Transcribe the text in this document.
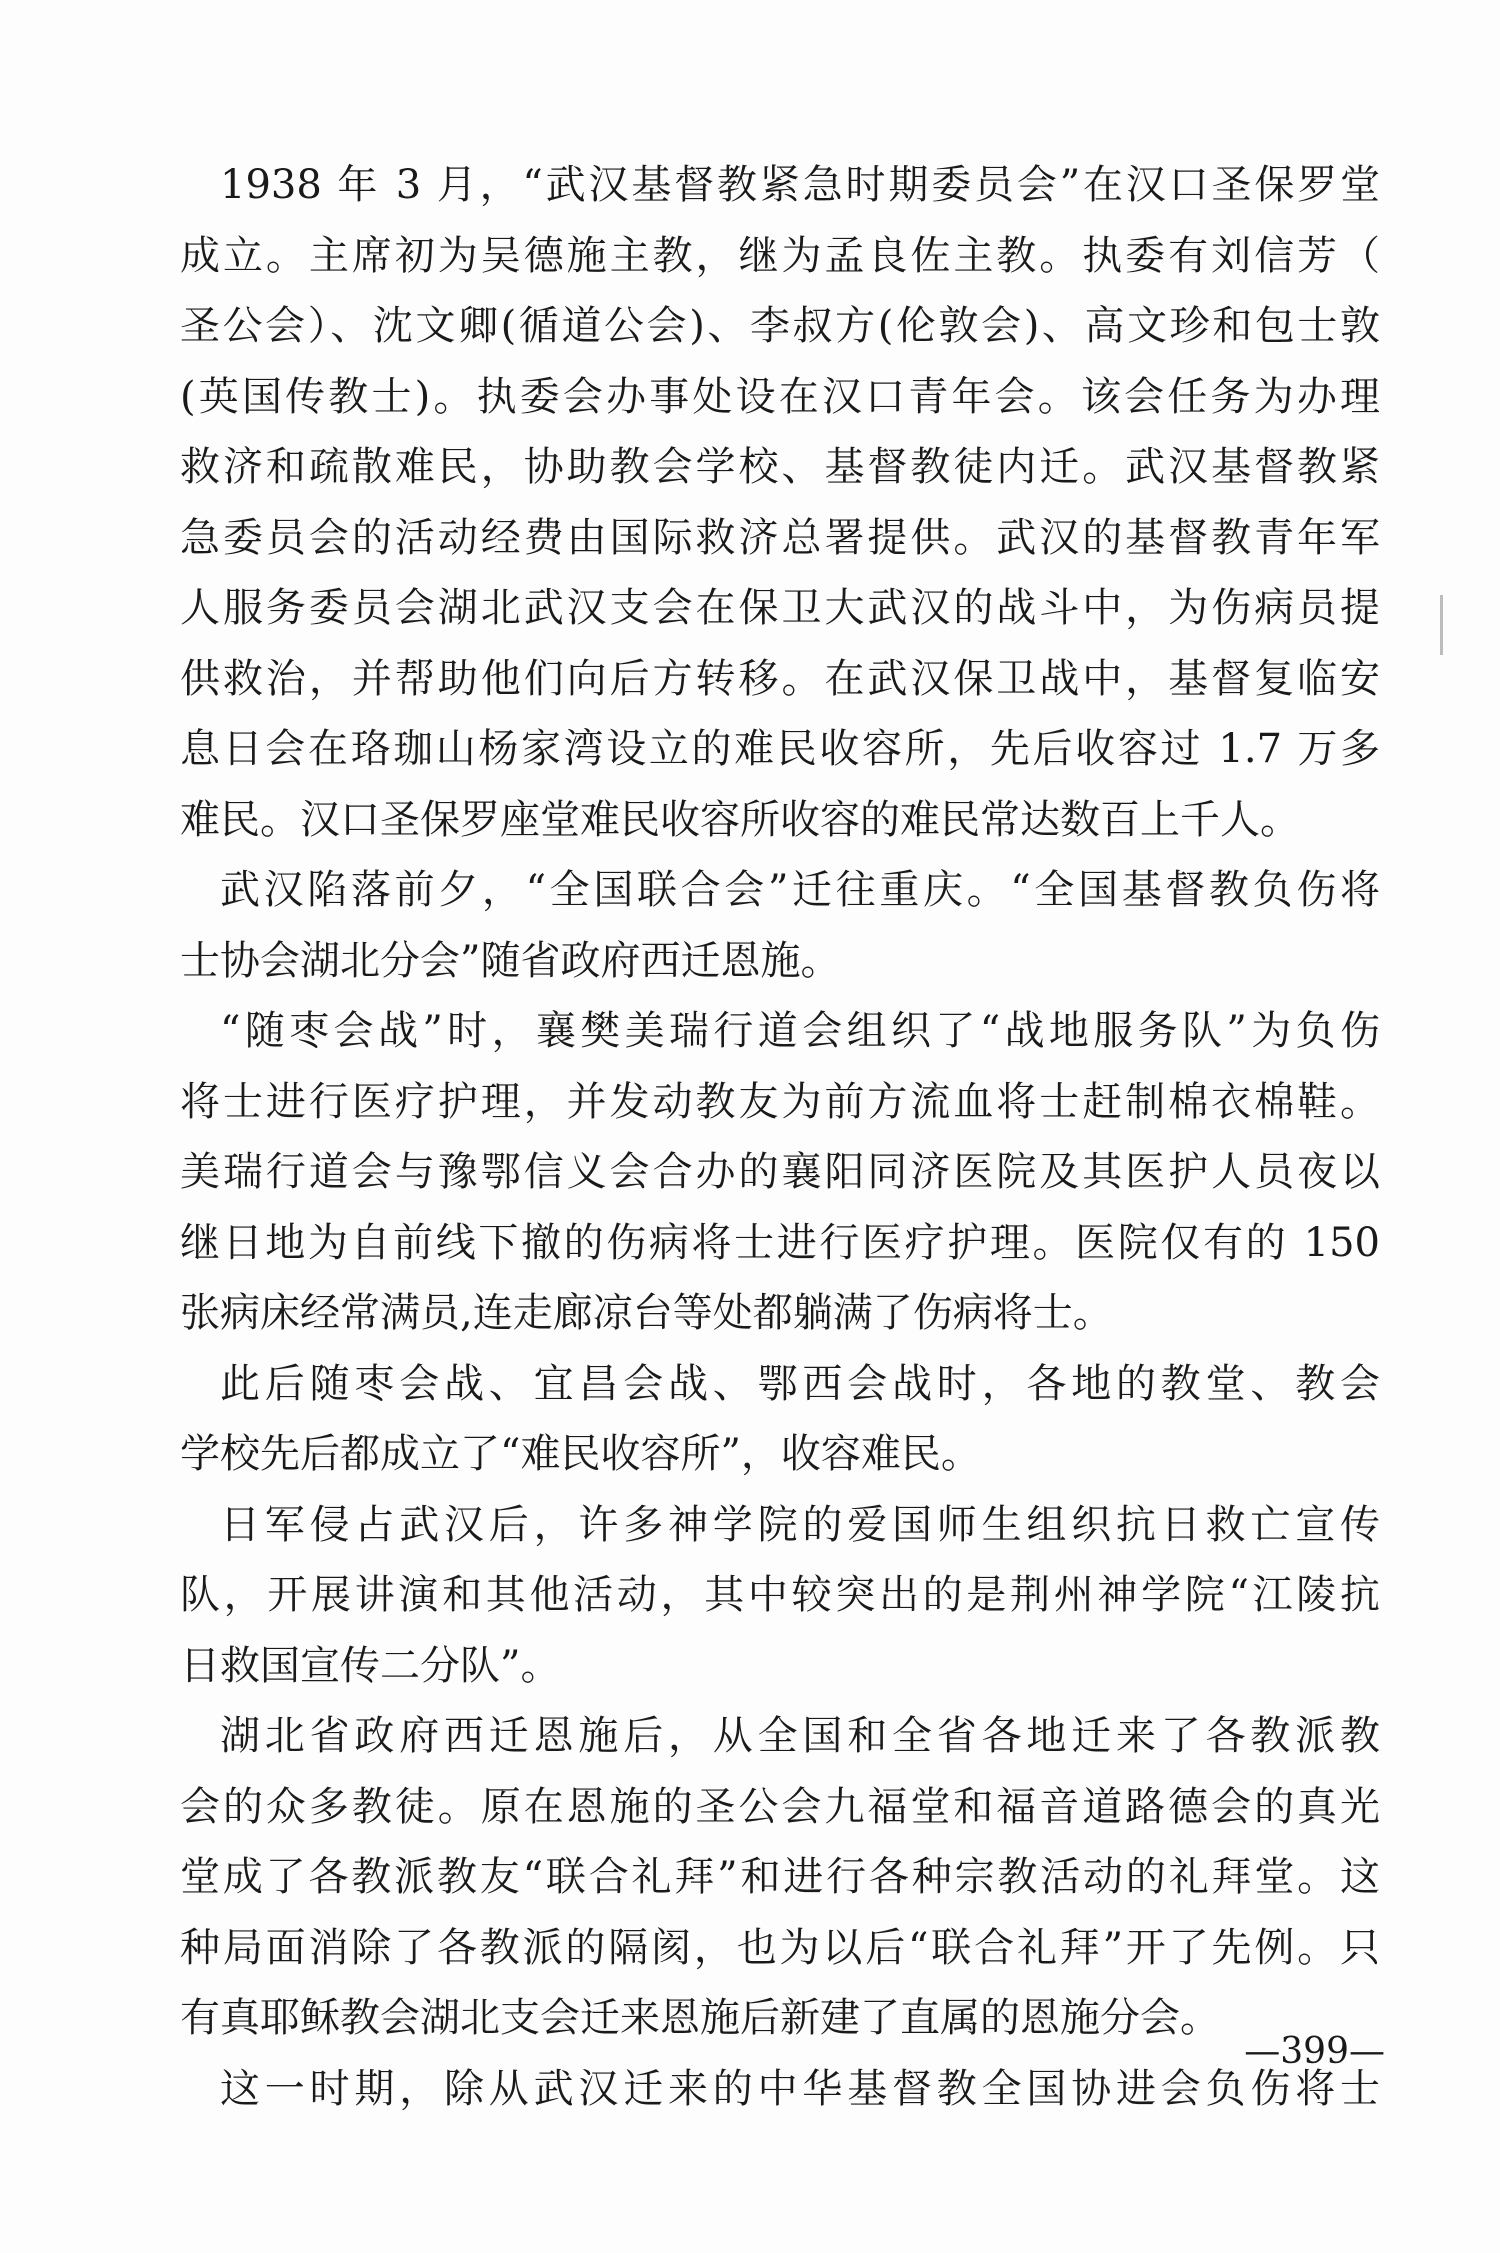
1938 年 3 月，“武汉基督教紧急时期委员会”在汉口圣保罗堂
成立。主席初为吴德施主教，继为孟良佐主教。执委有刘信芳（
圣公会）、沈文卿(循道公会)、李叔方(伦敦会)、高文珍和包士敦
(英国传教士)。执委会办事处设在汉口青年会。该会任务为办理
救济和疏散难民，协助教会学校、基督教徒内迁。武汉基督教紧
急委员会的活动经费由国际救济总署提供。武汉的基督教青年军
人服务委员会湖北武汉支会在保卫大武汉的战斗中，为伤病员提
供救治，并帮助他们向后方转移。在武汉保卫战中，基督复临安
息日会在珞珈山杨家湾设立的难民收容所，先后收容过 1.7 万多
难民。汉口圣保罗座堂难民收容所收容的难民常达数百上千人。
武汉陷落前夕，“全国联合会”迁往重庆。“全国基督教负伤将
士协会湖北分会”随省政府西迁恩施。
“随枣会战”时，襄樊美瑞行道会组织了“战地服务队”为负伤
将士进行医疗护理，并发动教友为前方流血将士赶制棉衣棉鞋。
美瑞行道会与豫鄂信义会合办的襄阳同济医院及其医护人员夜以
继日地为自前线下撤的伤病将士进行医疗护理。医院仅有的 150
张病床经常满员,连走廊凉台等处都躺满了伤病将士。
此后随枣会战、宜昌会战、鄂西会战时，各地的教堂、教会
学校先后都成立了“难民收容所”，收容难民。
日军侵占武汉后，许多神学院的爱国师生组织抗日救亡宣传
队，开展讲演和其他活动，其中较突出的是荆州神学院“江陵抗
日救国宣传二分队”。
湖北省政府西迁恩施后，从全国和全省各地迁来了各教派教
会的众多教徒。原在恩施的圣公会九福堂和福音道路德会的真光
堂成了各教派教友“联合礼拜”和进行各种宗教活动的礼拜堂。这
种局面消除了各教派的隔阂，也为以后“联合礼拜”开了先例。只
有真耶稣教会湖北支会迁来恩施后新建了直属的恩施分会。
这一时期，除从武汉迁来的中华基督教全国协进会负伤将士
—399—
